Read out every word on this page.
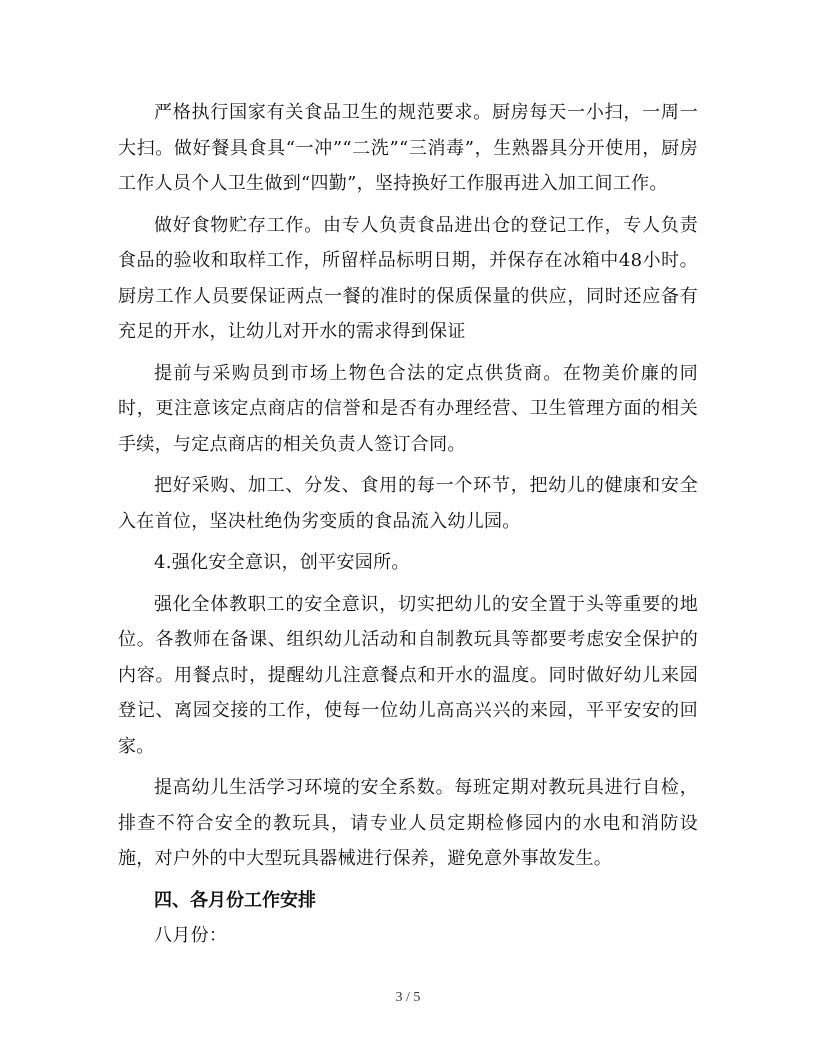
严格执行国家有关食品卫生的规范要求。厨房每天一小扫，一周一大扫。做好餐具食具“一冲”“二洗”“三消毒”，生熟器具分开使用，厨房工作人员个人卫生做到“四勤”，坚持换好工作服再进入加工间工作。

做好食物贮存工作。由专人负责食品进出仓的登记工作，专人负责食品的验收和取样工作，所留样品标明日期，并保存在冰箱中48小时。厨房工作人员要保证两点一餐的准时的保质保量的供应，同时还应备有充足的开水，让幼儿对开水的需求得到保证

提前与采购员到市场上物色合法的定点供货商。在物美价廉的同时，更注意该定点商店的信誉和是否有办理经营、卫生管理方面的相关手续，与定点商店的相关负责人签订合同。

把好采购、加工、分发、食用的每一个环节，把幼儿的健康和安全入在首位，坚决杜绝伪劣变质的食品流入幼儿园。

4.强化安全意识，创平安园所。

强化全体教职工的安全意识，切实把幼儿的安全置于头等重要的地位。各教师在备课、组织幼儿活动和自制教玩具等都要考虑安全保护的内容。用餐点时，提醒幼儿注意餐点和开水的温度。同时做好幼儿来园登记、离园交接的工作，使每一位幼儿高高兴兴的来园，平平安安的回家。

提高幼儿生活学习环境的安全系数。每班定期对教玩具进行自检，排查不符合安全的教玩具，请专业人员定期检修园内的水电和消防设施，对户外的中大型玩具器械进行保养，避免意外事故发生。

四、各月份工作安排

八月份：

3 / 5
